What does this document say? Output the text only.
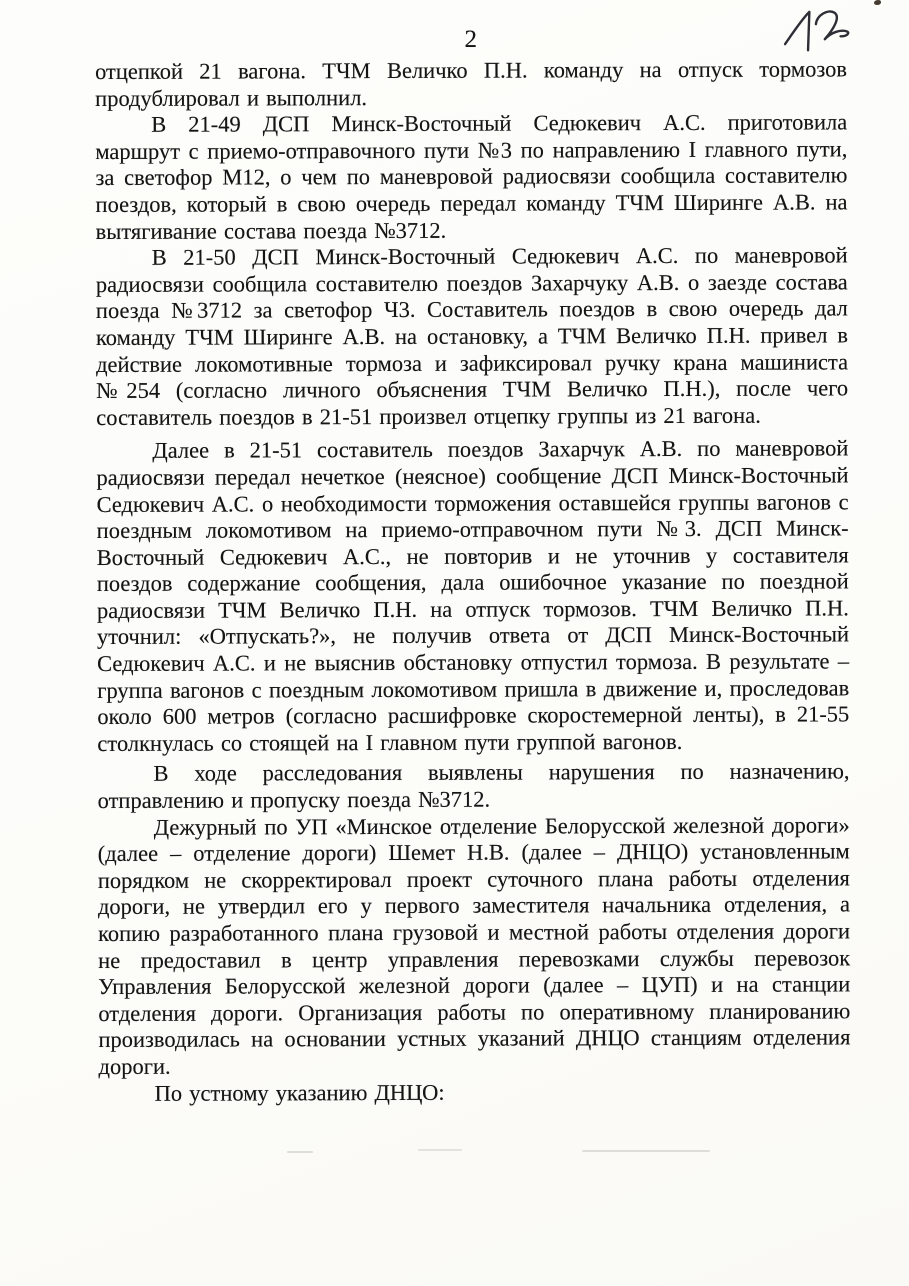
2

отцепкой 21 вагона. ТЧМ Величко П.Н. команду на отпуск тормозов продублировал и выполнил.

В 21-49 ДСП Минск-Восточный Седюкевич А.С. приготовила маршрут с приемо-отправочного пути №3 по направлению I главного пути, за светофор М12, о чем по маневровой радиосвязи сообщила составителю поездов, который в свою очередь передал команду ТЧМ Ширинге А.В. на вытягивание состава поезда №3712.

В 21-50 ДСП Минск-Восточный Седюкевич А.С. по маневровой радиосвязи сообщила составителю поездов Захарчуку А.В. о заезде состава поезда №3712 за светофор Ч3. Составитель поездов в свою очередь дал команду ТЧМ Ширинге А.В. на остановку, а ТЧМ Величко П.Н. привел в действие локомотивные тормоза и зафиксировал ручку крана машиниста №254 (согласно личного объяснения ТЧМ Величко П.Н.), после чего составитель поездов в 21-51 произвел отцепку группы из 21 вагона.

Далее в 21-51 составитель поездов Захарчук А.В. по маневровой радиосвязи передал нечеткое (неясное) сообщение ДСП Минск-Восточный Седюкевич А.С. о необходимости торможения оставшейся группы вагонов с поездным локомотивом на приемо-отправочном пути №3. ДСП Минск-Восточный Седюкевич А.С., не повторив и не уточнив у составителя поездов содержание сообщения, дала ошибочное указание по поездной радиосвязи ТЧМ Величко П.Н. на отпуск тормозов. ТЧМ Величко П.Н. уточнил: «Отпускать?», не получив ответа от ДСП Минск-Восточный Седюкевич А.С. и не выяснив обстановку отпустил тормоза. В результате – группа вагонов с поездным локомотивом пришла в движение и, проследовав около 600 метров (согласно расшифровке скоростемерной ленты), в 21-55 столкнулась со стоящей на I главном пути группой вагонов.

В ходе расследования выявлены нарушения по назначению, отправлению и пропуску поезда №3712.

Дежурный по УП «Минское отделение Белорусской железной дороги» (далее – отделение дороги) Шемет Н.В. (далее – ДНЦО) установленным порядком не скорректировал проект суточного плана работы отделения дороги, не утвердил его у первого заместителя начальника отделения, а копию разработанного плана грузовой и местной работы отделения дороги не предоставил в центр управления перевозками службы перевозок Управления Белорусской железной дороги (далее – ЦУП) и на станции отделения дороги. Организация работы по оперативному планированию производилась на основании устных указаний ДНЦО станциям отделения дороги.

По устному указанию ДНЦО:
